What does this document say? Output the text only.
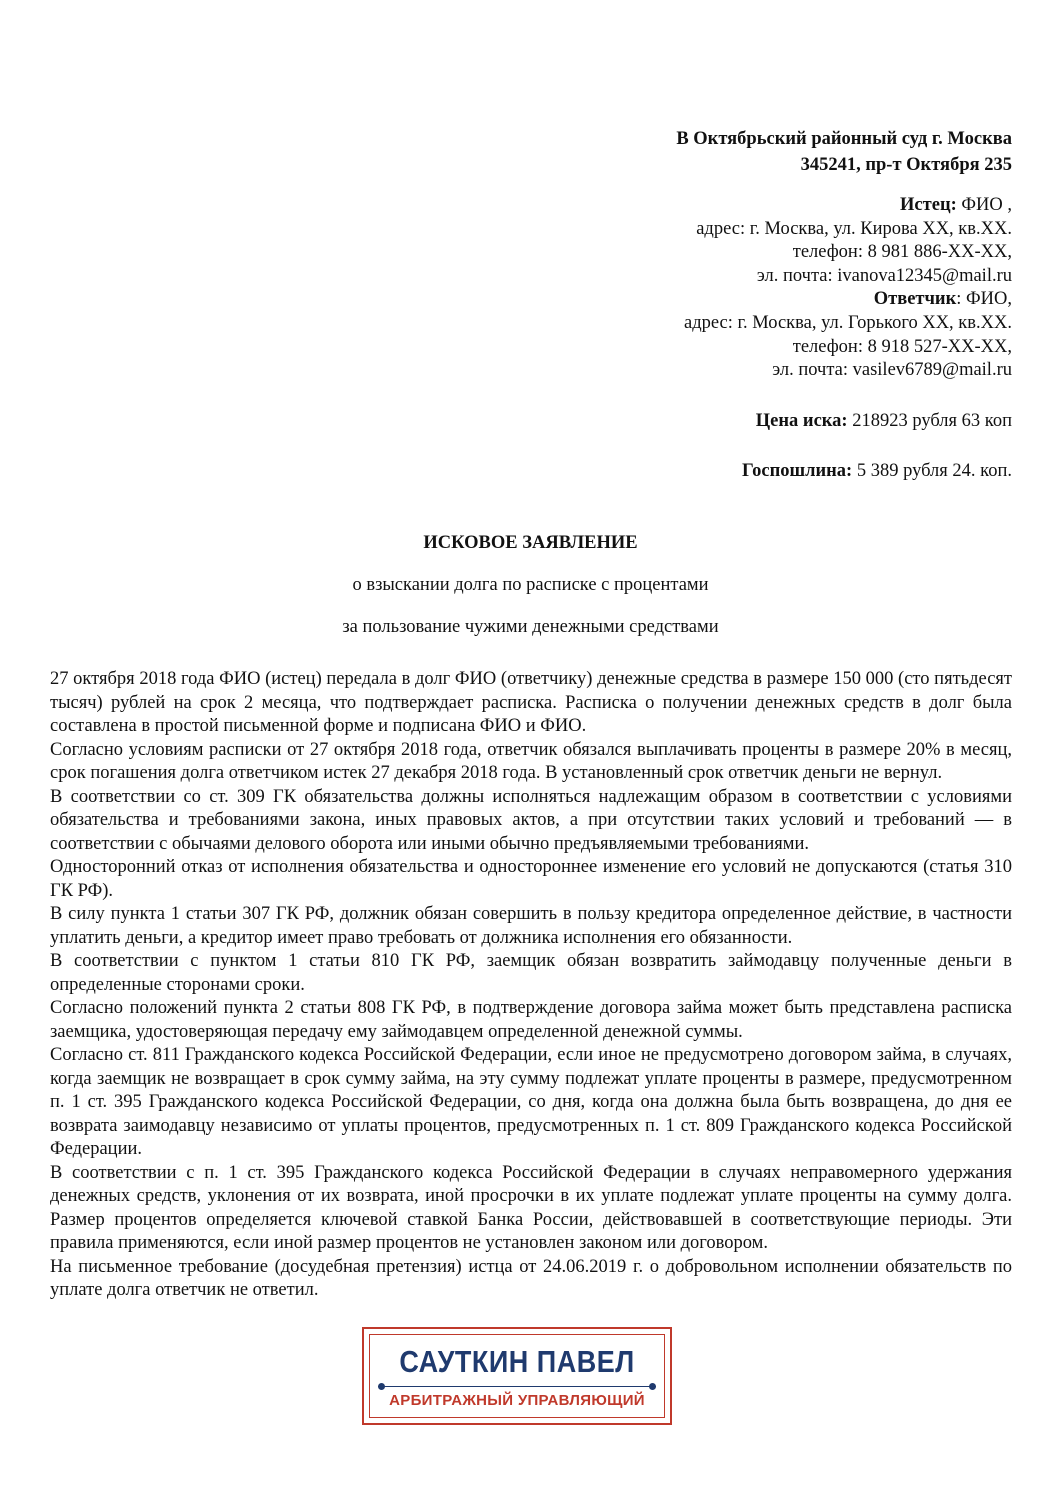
В Октябрьский районный суд г. Москва
345241, пр-т Октября 235
Истец: ФИО ,
адрес: г. Москва, ул. Кирова ХХ, кв.ХХ.
телефон: 8 981 886-ХХ-ХХ,
эл. почта: ivanova12345@mail.ru
Ответчик: ФИО,
адрес: г. Москва, ул. Горького ХХ, кв.ХХ.
телефон: 8 918 527-ХХ-ХХ,
эл. почта: vasilev6789@mail.ru
Цена иска: 218923 рубля 63 коп
Госпошлина: 5 389 рубля 24. коп.
ИСКОВОЕ ЗАЯВЛЕНИЕ
о взыскании долга по расписке с процентами
за пользование чужими денежными средствами

27 октября 2018 года ФИО (истец) передала в долг ФИО (ответчику) денежные средства в размере 150 000 (сто пятьдесят тысяч) рублей на срок 2 месяца, что подтверждает расписка. Расписка о получении денежных средств в долг была составлена в простой письменной форме и подписана ФИО и ФИО.

Согласно условиям расписки от 27 октября 2018 года, ответчик обязался выплачивать проценты в размере 20% в месяц, срок погашения долга ответчиком истек 27 декабря 2018 года. В установленный срок ответчик деньги не вернул.

В соответствии со ст. 309 ГК обязательства должны исполняться надлежащим образом в соответствии с условиями обязательства и требованиями закона, иных правовых актов, а при отсутствии таких условий и требований — в соответствии с обычаями делового оборота или иными обычно предъявляемыми требованиями.

Односторонний отказ от исполнения обязательства и одностороннее изменение его условий не допускаются (статья 310 ГК РФ).

В силу пункта 1 статьи 307 ГК РФ, должник обязан совершить в пользу кредитора определенное действие, в частности уплатить деньги, а кредитор имеет право требовать от должника исполнения его обязанности.

В соответствии с пунктом 1 статьи 810 ГК РФ, заемщик обязан возвратить займодавцу полученные деньги в определенные сторонами сроки.

Согласно положений пункта 2 статьи 808 ГК РФ, в подтверждение договора займа может быть представлена расписка заемщика, удостоверяющая передачу ему займодавцем определенной денежной суммы.

Согласно ст. 811 Гражданского кодекса Российской Федерации, если иное не предусмотрено договором займа, в случаях, когда заемщик не возвращает в срок сумму займа, на эту сумму подлежат уплате проценты в размере, предусмотренном п. 1 ст. 395 Гражданского кодекса Российской Федерации, со дня, когда она должна была быть возвращена, до дня ее возврата заимодавцу независимо от уплаты процентов, предусмотренных п. 1 ст. 809 Гражданского кодекса Российской Федерации.

В соответствии с п. 1 ст. 395 Гражданского кодекса Российской Федерации в случаях неправомерного удержания денежных средств, уклонения от их возврата, иной просрочки в их уплате подлежат уплате проценты на сумму долга. Размер процентов определяется ключевой ставкой Банка России, действовавшей в соответствующие периоды. Эти правила применяются, если иной размер процентов не установлен законом или договором.

На письменное требование (досудебная претензия) истца от 24.06.2019 г. о добровольном исполнении обязательств по уплате долга ответчик не ответил.

САУТКИН ПАВЕЛ
АРБИТРАЖНЫЙ УПРАВЛЯЮЩИЙ
